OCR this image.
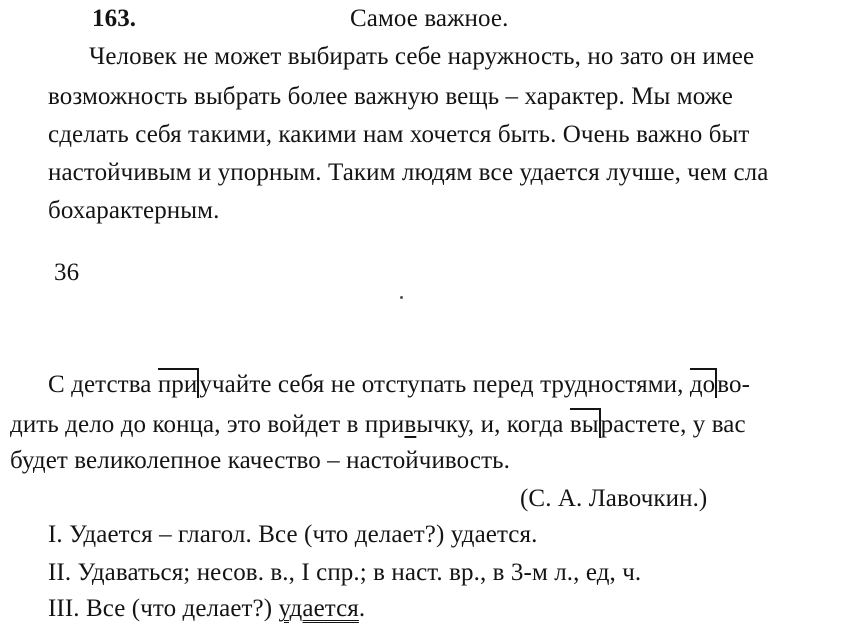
163.	Самое важное.
Человек не может выбирать себе наружность, но зато он имее
возможность выбрать более важную вещь – характер. Мы може
сделать себя такими, какими нам хочется быть. Очень важно быт
настойчивым и упорным. Таким людям все удается лучше, чем сла
бохарактерным.
36
С детства приучайте себя не отступать перед трудностями, дово-
дить дело до конца, это войдет в привычку, и, когда вырастете, у вас
будет великолепное качество – настойчивость.
(С. А. Лавочкин.)
I. Удается – глагол. Все (что делает?) удается.
II. Удаваться; несов. в., I спр.; в наст. вр., в 3-м л., ед, ч.
III. Все (что делает?) удается.
